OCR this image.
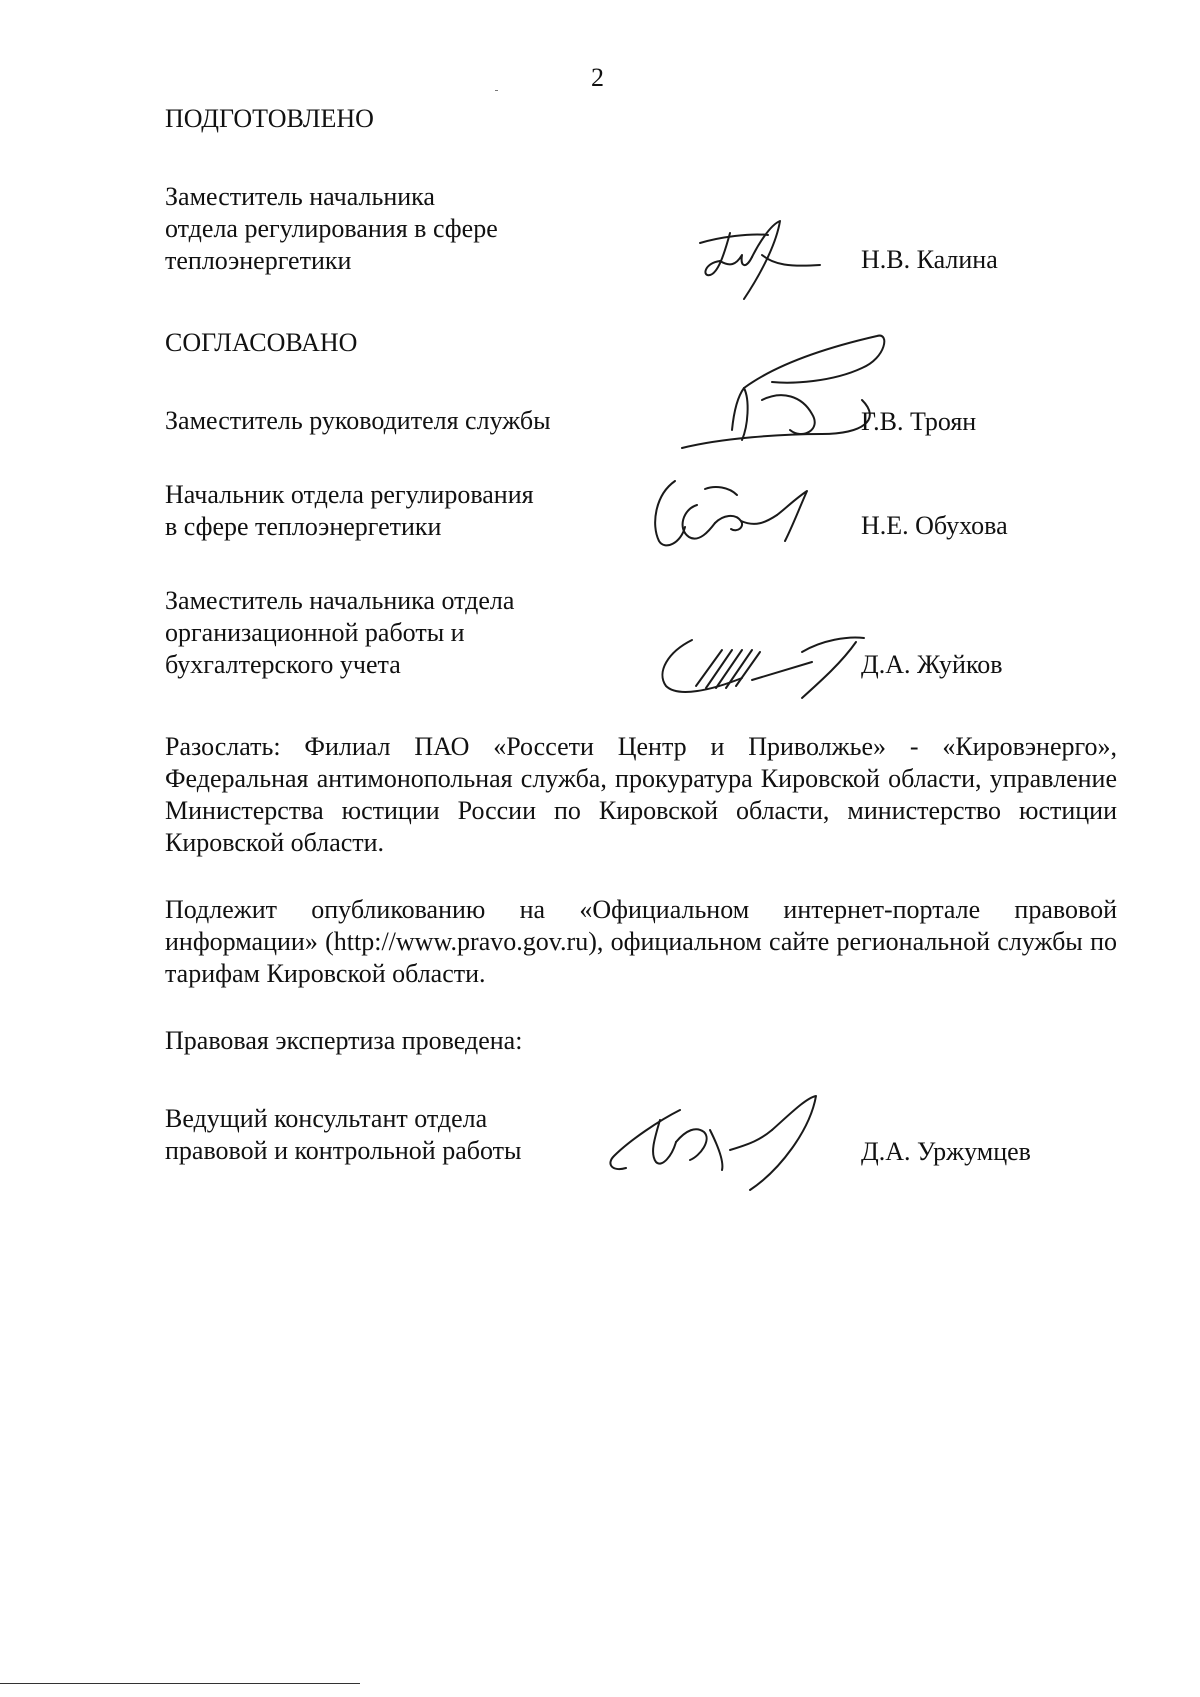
2
ПОДГОТОВЛЕНО
Заместитель начальника
отдела регулирования в сфере
теплоэнергетики	Н.В. Калина
СОГЛАСОВАНО
Заместитель руководителя службы	Г.В. Троян
Начальник отдела регулирования
в сфере теплоэнергетики	Н.Е. Обухова
Заместитель начальника отдела
организационной работы и
бухгалтерского учета	Д.А. Жуйков

Разослать: Филиал ПАО «Россети Центр и Приволжье» - «Кировэнерго», Федеральная антимонопольная служба, прокуратура Кировской области, управление Министерства юстиции России по Кировской области, министерство юстиции Кировской области.

Подлежит опубликованию на «Официальном интернет-портале правовой информации» (http://www.pravo.gov.ru), официальном сайте региональной службы по тарифам Кировской области.

Правовая экспертиза проведена:
Ведущий консультант отдела
правовой и контрольной работы	Д.А. Уржумцев
